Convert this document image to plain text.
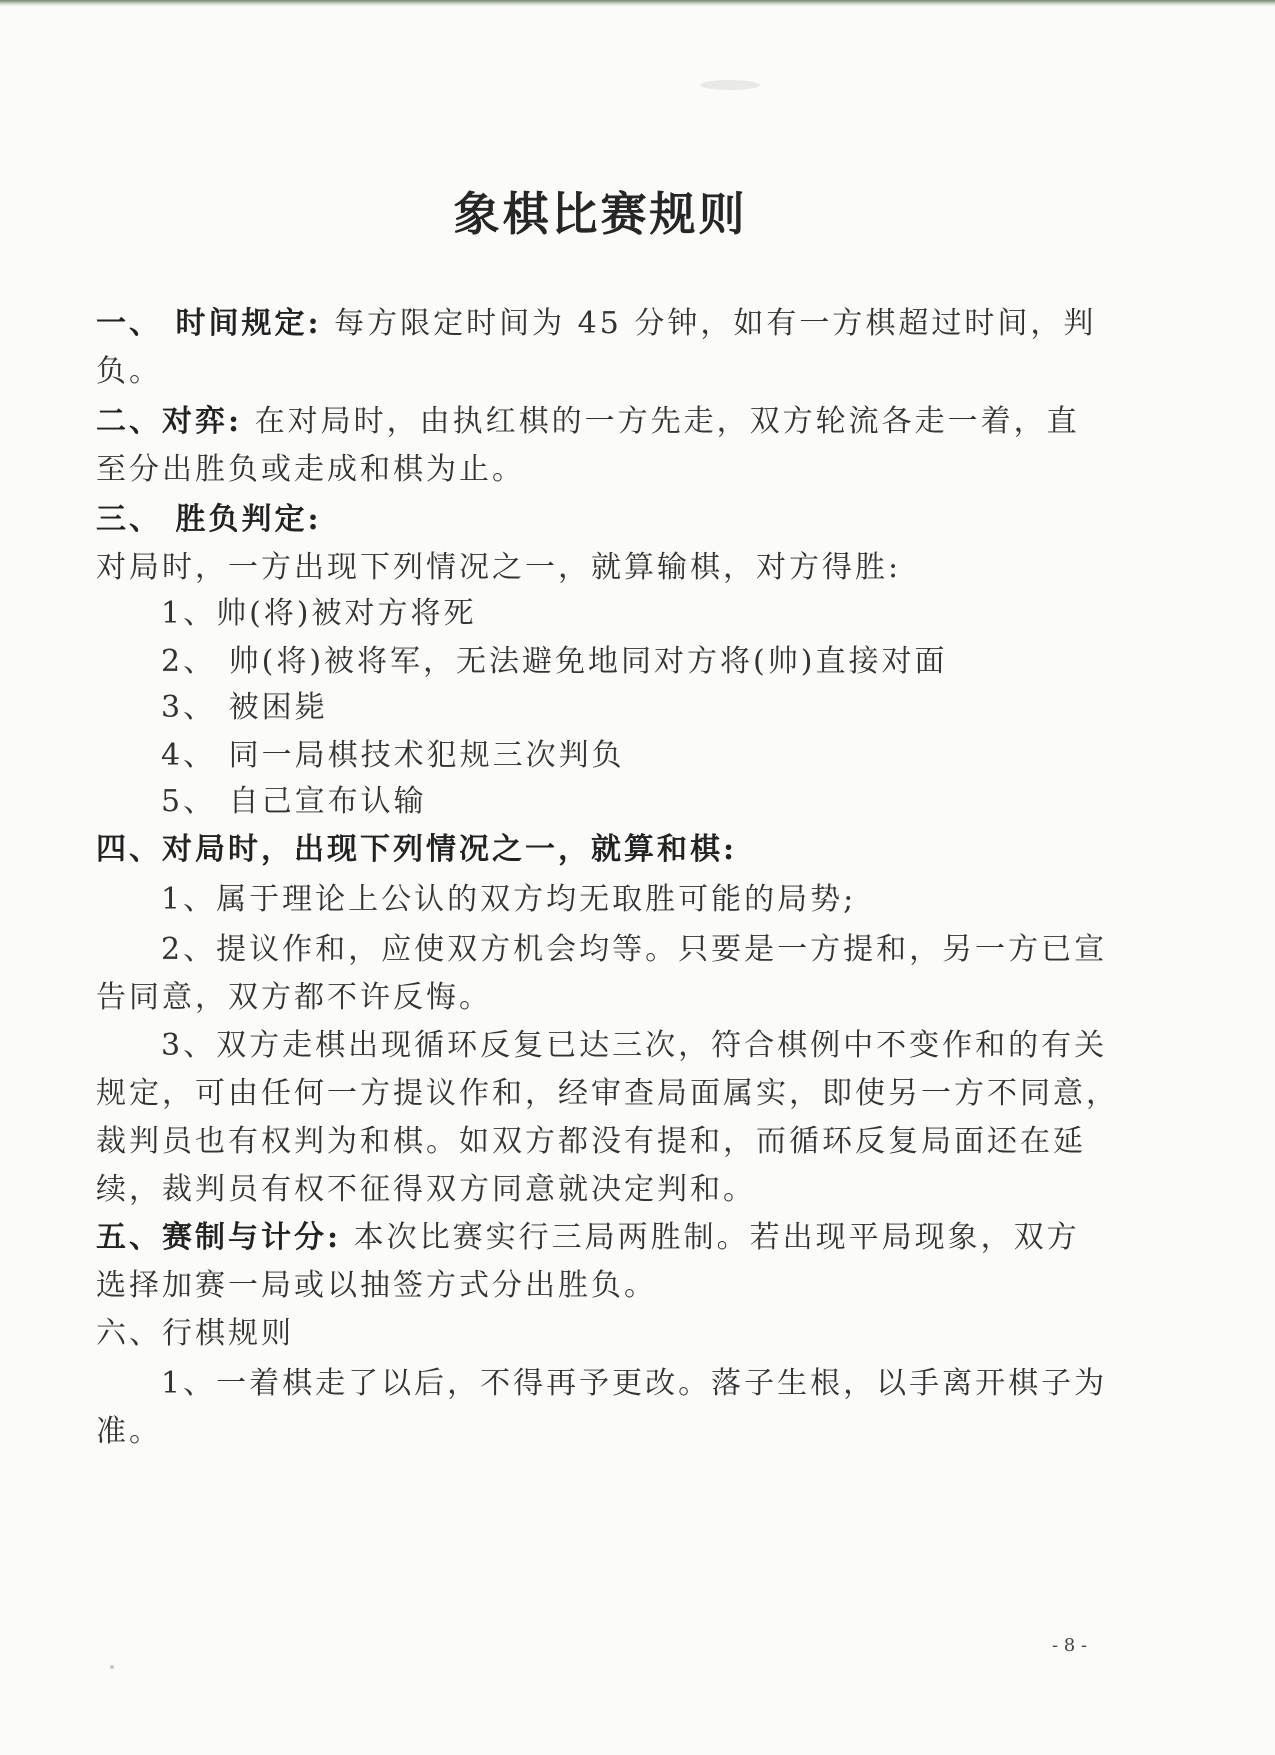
象棋比赛规则
一、 时间规定: 每方限定时间为 45 分钟，如有一方棋超过时间，判
负。
二、对弈: 在对局时，由执红棋的一方先走，双方轮流各走一着，直
至分出胜负或走成和棋为止。
三、 胜负判定:
对局时，一方出现下列情况之一，就算输棋，对方得胜:
1、帅(将)被对方将死
2、 帅(将)被将军，无法避免地同对方将(帅)直接对面
3、 被困毙
4、 同一局棋技术犯规三次判负
5、 自己宣布认输
四、对局时，出现下列情况之一，就算和棋:
1、属于理论上公认的双方均无取胜可能的局势;
2、提议作和，应使双方机会均等。只要是一方提和，另一方已宣
告同意，双方都不许反悔。
3、双方走棋出现循环反复已达三次，符合棋例中不变作和的有关
规定，可由任何一方提议作和，经审查局面属实，即使另一方不同意，
裁判员也有权判为和棋。如双方都没有提和，而循环反复局面还在延
续，裁判员有权不征得双方同意就决定判和。
五、赛制与计分: 本次比赛实行三局两胜制。若出现平局现象，双方
选择加赛一局或以抽签方式分出胜负。
六、行棋规则
1、一着棋走了以后，不得再予更改。落子生根，以手离开棋子为
准。
- 8 -
